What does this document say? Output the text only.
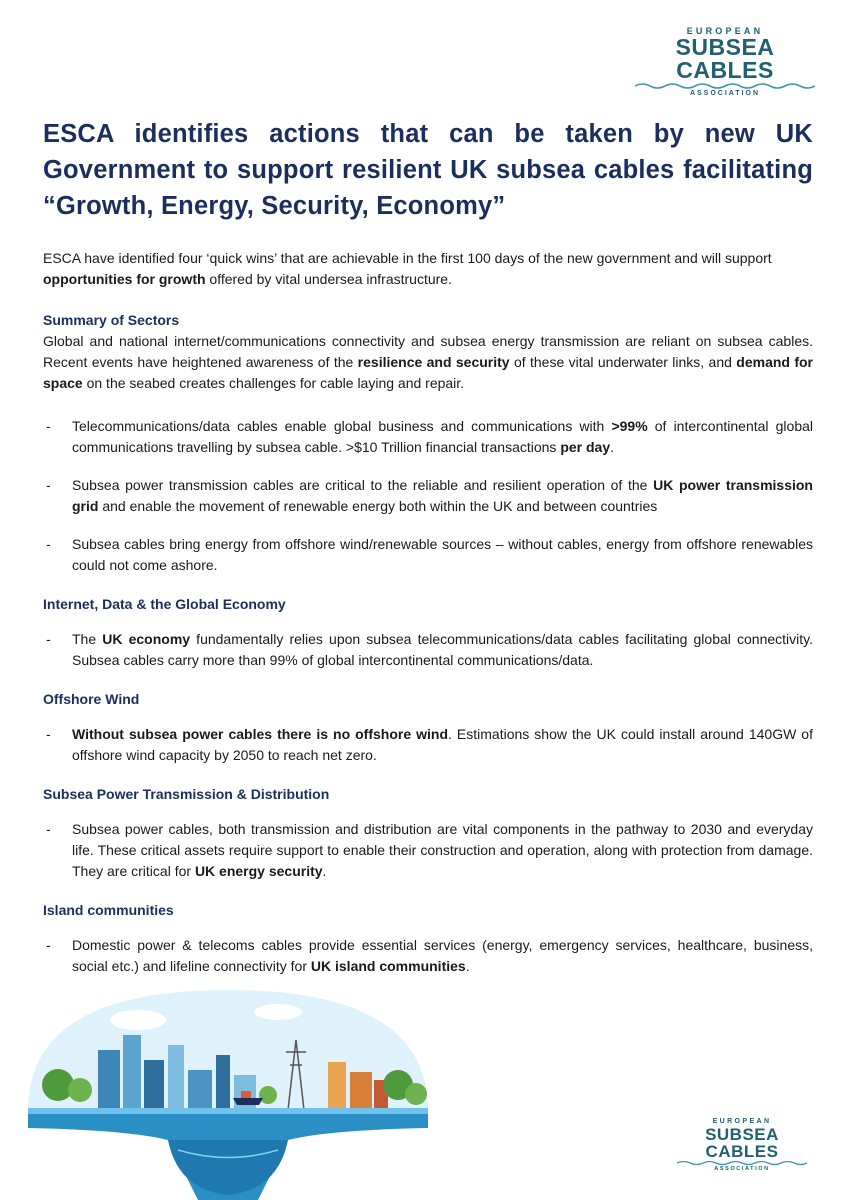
EUROPEAN
SUBSEA CABLES
ASSOCIATION
ESCA identifies actions that can be taken by new UK Government to support resilient UK subsea cables facilitating “Growth, Energy, Security, Economy”

ESCA have identified four ‘quick wins’ that are achievable in the first 100 days of the new government and will support opportunities for growth offered by vital undersea infrastructure.

Summary of Sectors

Global and national internet/communications connectivity and subsea energy transmission are reliant on subsea cables. Recent events have heightened awareness of the resilience and security of these vital underwater links, and demand for space on the seabed creates challenges for cable laying and repair.

- Telecommunications/data cables enable global business and communications with >99% of intercontinental global communications travelling by subsea cable. >$10 Trillion financial transactions per day.
- Subsea power transmission cables are critical to the reliable and resilient operation of the UK power transmission grid and enable the movement of renewable energy both within the UK and between countries
- Subsea cables bring energy from offshore wind/renewable sources – without cables, energy from offshore renewables could not come ashore.
Internet, Data & the Global Economy
- The UK economy fundamentally relies upon subsea telecommunications/data cables facilitating global connectivity. Subsea cables carry more than 99% of global intercontinental communications/data.
Offshore Wind
- Without subsea power cables there is no offshore wind. Estimations show the UK could install around 140GW of offshore wind capacity by 2050 to reach net zero.
Subsea Power Transmission & Distribution
- Subsea power cables, both transmission and distribution are vital components in the pathway to 2030 and everyday life. These critical assets require support to enable their construction and operation, along with protection from damage. They are critical for UK energy security.
Island communities
- Domestic power & telecoms cables provide essential services (energy, emergency services, healthcare, business, social etc.) and lifeline connectivity for UK island communities.
EUROPEAN
SUBSEA CABLES
ASSOCIATION
